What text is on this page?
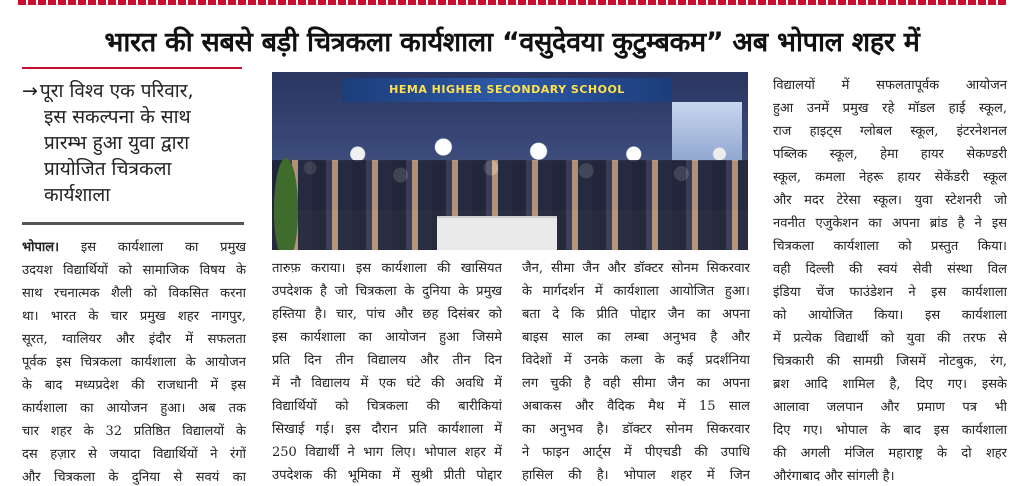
भारत की सबसे बड़ी चित्रकला कार्यशाला “वसुदेवया कुटुम्बकम” अब भोपाल शहर में

→ पूरा विश्व एक परिवार,

इस सकल्पना के साथ

प्रारम्भ हुआ युवा द्वारा

प्रायोजित चित्रकला

कार्यशाला

HEMA HIGHER SECONDARY SCHOOL

भोपाल। इस कार्यशाला का प्रमुख

उदयश विद्यार्थियों को सामाजिक विषय के

साथ रचनात्मक शैली को विकसित करना

था। भारत के चार प्रमुख शहर नागपुर,

सूरत, ग्वालियर और इंदौर में सफलता

पूर्वक इस चित्रकला कार्यशाला के आयोजन

के बाद मध्यप्रदेश की राजधानी में इस

कार्यशाला का आयोजन हुआ। अब तक

चार शहर के 32 प्रतिष्ठित विद्यालयों के

दस हज़ार से जयादा विद्यार्थियों ने रंगों

और चित्रकला के दुनिया से सवयं का

तारुफ़ कराया। इस कार्यशाला की खासियत

उपदेशक है जो चित्रकला के दुनिया के प्रमुख

हस्तिया है। चार, पांच और छह दिसंबर को

इस कार्यशाला का आयोजन हुआ जिसमे

प्रति दिन तीन विद्यालय और तीन दिन

में नौ विद्यालय में एक घंटे की अवधि में

विद्यार्थियों को चित्रकला की बारीकियां

सिखाई गई। इस दौरान प्रति कार्यशाला में

250 विद्यार्थी ने भाग लिए। भोपाल शहर में

उपदेशक की भूमिका में सुश्री प्रीती पोद्दार

जैन, सीमा जैन और डॉक्टर सोनम सिकरवार

के मार्गदर्शन में कार्यशाला आयोजित हुआ।

बता दे कि प्रीति पोद्दार जैन का अपना

बाइस साल का लम्बा अनुभव है और

विदेशों में उनके कला के कई प्रदर्शनिया

लग चुकी है वही सीमा जैन का अपना

अबाकस और वैदिक मैथ में 15 साल

का अनुभव है। डॉक्टर सोनम सिकरवार

ने फाइन आर्ट्स में पीएचडी की उपाधि

हासिल की है। भोपाल शहर में जिन

विद्यालयों में सफलतापूर्वक आयोजन

हुआ उनमें प्रमुख रहे मॉडल हाई स्कूल,

राज हाइट्स ग्लोबल स्कूल, इंटरनेशनल

पब्लिक स्कूल, हेमा हायर सेकण्डरी

स्कूल, कमला नेहरू हायर सेकेंडरी स्कूल

और मदर टेरेसा स्कूल। युवा स्टेशनरी जो

नवनीत एजुकेशन का अपना ब्रांड है ने इस

चित्रकला कार्यशाला को प्रस्तुत किया।

वही दिल्ली की स्वयं सेवी संस्था विल

इंडिया चेंज फाउंडेशन ने इस कार्यशाला

को आयोजित किया। इस कार्यशाला

में प्रत्येक विद्यार्थी को युवा की तरफ से

चित्रकारी की सामग्री जिसमें नोटबुक, रंग,

ब्रश आदि शामिल है, दिए गए। इसके

आलावा जलपान और प्रमाण पत्र भी

दिए गए। भोपाल के बाद इस कार्यशाला

की अगली मंजिल महाराष्ट्र के दो शहर

औरंगाबाद और सांगली है।
